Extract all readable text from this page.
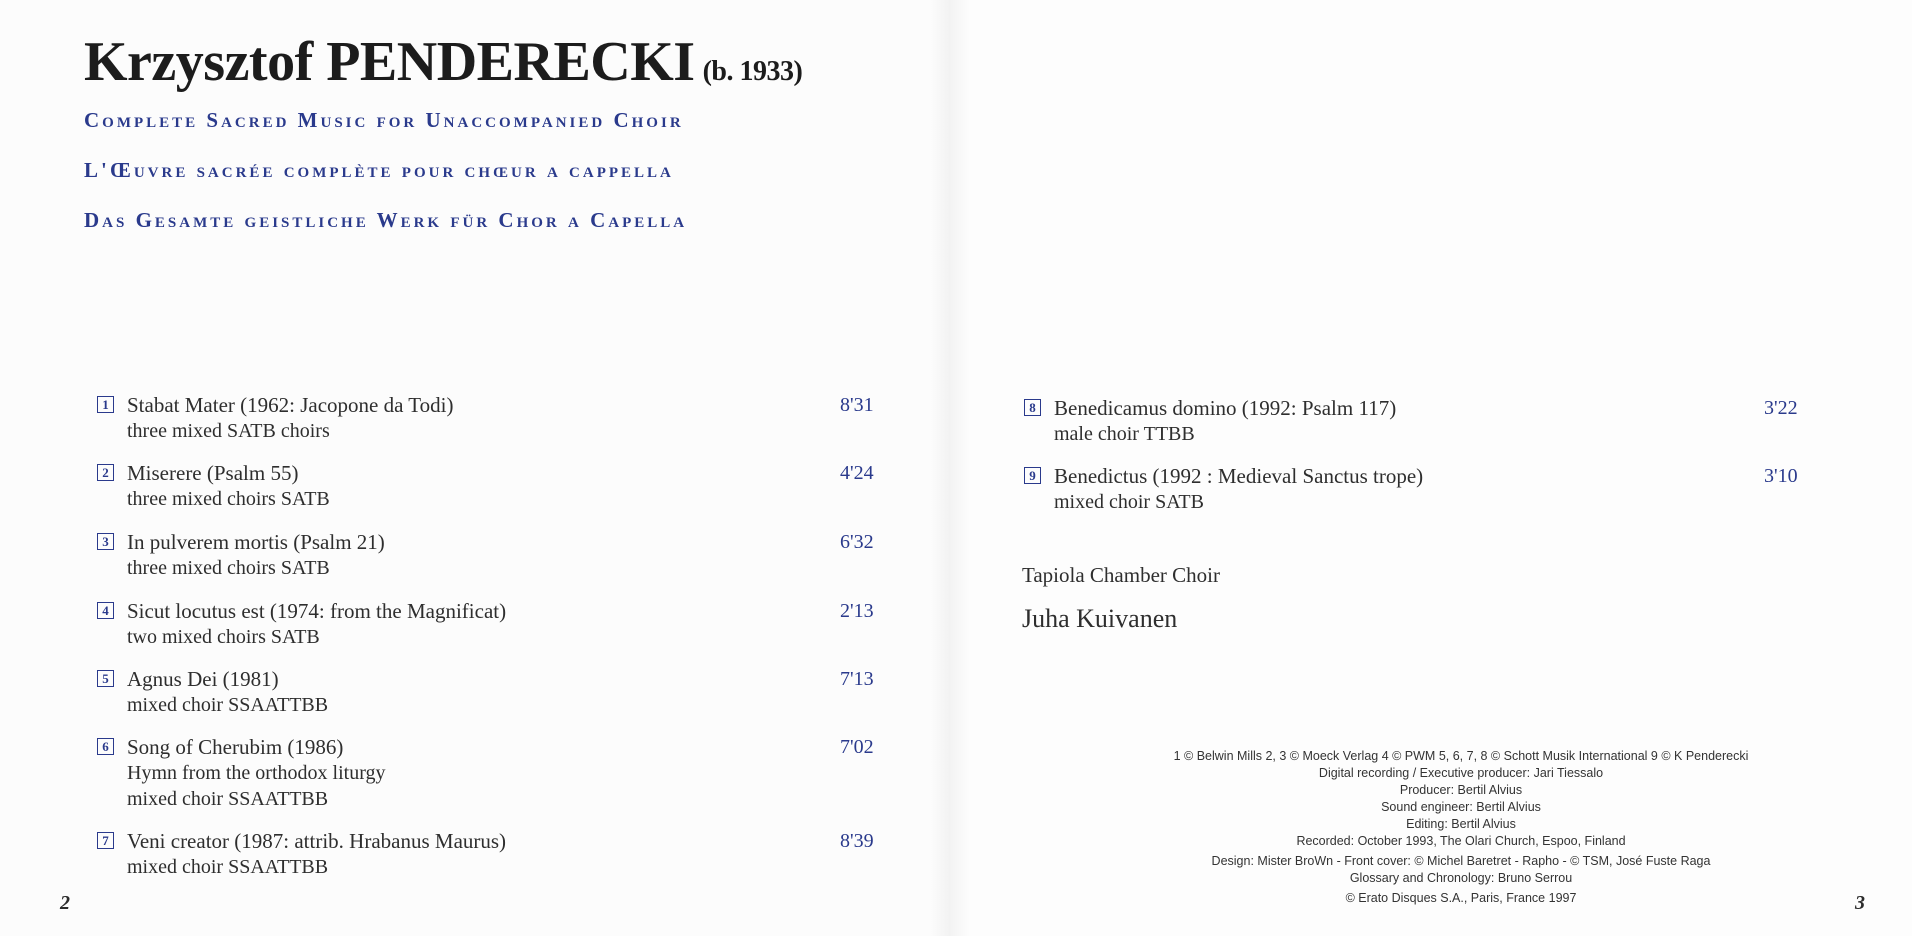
Krzysztof PENDERECKI (b. 1933)

Complete Sacred Music for Unaccompanied Choir

L'Œuvre sacrée complète pour chœur a cappella

Das Gesamte geistliche Werk für Chor a Capella

1 Stabat Mater (1962: Jacopone da Todi)	8'31
three mixed SATB choirs
2 Miserere (Psalm 55)	4'24
three mixed choirs SATB
3 In pulverem mortis (Psalm 21)	6'32
three mixed choirs SATB
4 Sicut locutus est (1974: from the Magnificat)	2'13
two mixed choirs SATB
5 Agnus Dei (1981)	7'13
mixed choir SSAATTBB
6 Song of Cherubim (1986)	7'02
Hymn from the orthodox liturgy
mixed choir SSAATTBB
7 Veni creator (1987: attrib. Hrabanus Maurus)	8'39
mixed choir SSAATTBB
8 Benedicamus domino (1992: Psalm 117)	3'22
male choir TTBB
9 Benedictus (1992 : Medieval Sanctus trope)	3'10
mixed choir SATB
Tapiola Chamber Choir
Juha Kuivanen
1 © Belwin Mills 2, 3 © Moeck Verlag 4 © PWM 5, 6, 7, 8 © Schott Musik International 9 © K Penderecki
Digital recording / Executive producer: Jari Tiessalo
Producer: Bertil Alvius
Sound engineer: Bertil Alvius
Editing: Bertil Alvius
Recorded: October 1993, The Olari Church, Espoo, Finland
Design: Mister BroWn - Front cover: © Michel Baretret - Rapho - © TSM, José Fuste Raga
Glossary and Chronology: Bruno Serrou
© Erato Disques S.A., Paris, France 1997
2	3
